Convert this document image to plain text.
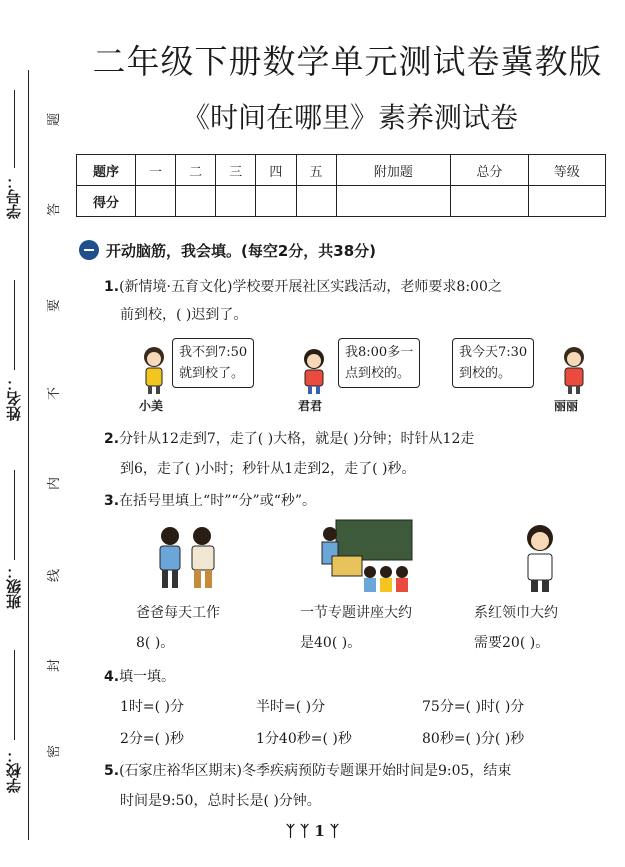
学号：
姓名：
班级：
学校：
题
答
要
不
内
线
封
密
二年级下册数学单元测试卷冀教版
《时间在哪里》素养测试卷
题序	一	二	三	四	五	附加题	总分	等级
得分								
开动脑筋，我会填。(每空2分，共38分)
1.(新情境·五育文化)学校要开展社区实践活动，老师要求8:00之
前到校，( )迟到了。
我不到7:50
就到校了。
小美
我8:00多一
点到校的。
君君
我今天7:30
到校的。
丽丽
2.分针从12走到7，走了( )大格，就是( )分钟；时针从12走
到6，走了( )小时；秒针从1走到2，走了( )秒。
3.在括号里填上“时”“分”或“秒”。
爸爸每天工作
8( )。
一节专题讲座大约
是40( )。
系红领巾大约
需要20( )。
4.填一填。
1时=( )分	半时=( )分	75分=( )时( )分
2分=( )秒	1分40秒=( )秒	80秒=( )分( )秒
5.(石家庄裕华区期末)冬季疾病预防专题课开始时间是9:05，结束
时间是9:50，总时长是( )分钟。
ᛉ ᛉ 1 ᛉ
